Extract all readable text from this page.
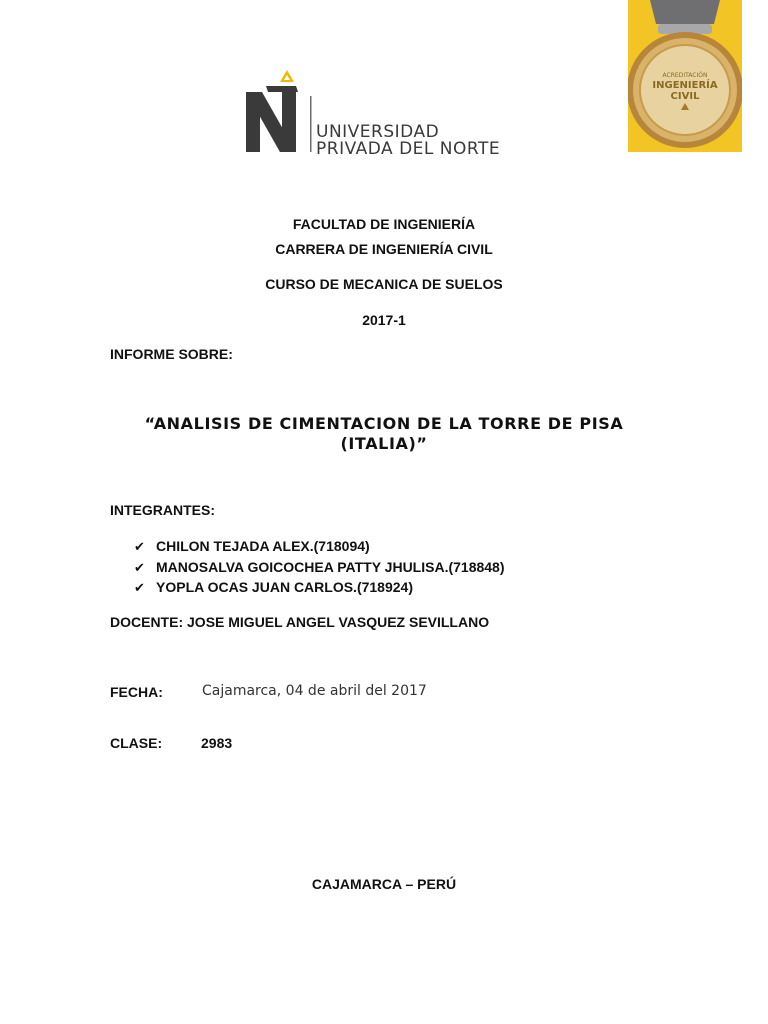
UNIVERSIDAD
PRIVADA DEL NORTE
ACREDITACIÓN
INGENIERÍA
CIVIL
FACULTAD DE INGENIERÍA
CARRERA DE INGENIERÍA CIVIL
CURSO DE MECANICA DE SUELOS
2017-1
INFORME SOBRE:
“ANALISIS DE CIMENTACION DE LA TORRE DE PISA (ITALIA)”
INTEGRANTES:
✔ CHILON TEJADA ALEX.(718094)
✔ MANOSALVA GOICOCHEA PATTY JHULISA.(718848)
✔ YOPLA OCAS JUAN CARLOS.(718924)
DOCENTE: JOSE MIGUEL ANGEL VASQUEZ SEVILLANO
FECHA:	Cajamarca, 04 de abril del 2017
CLASE:	2983
CAJAMARCA – PERÚ
